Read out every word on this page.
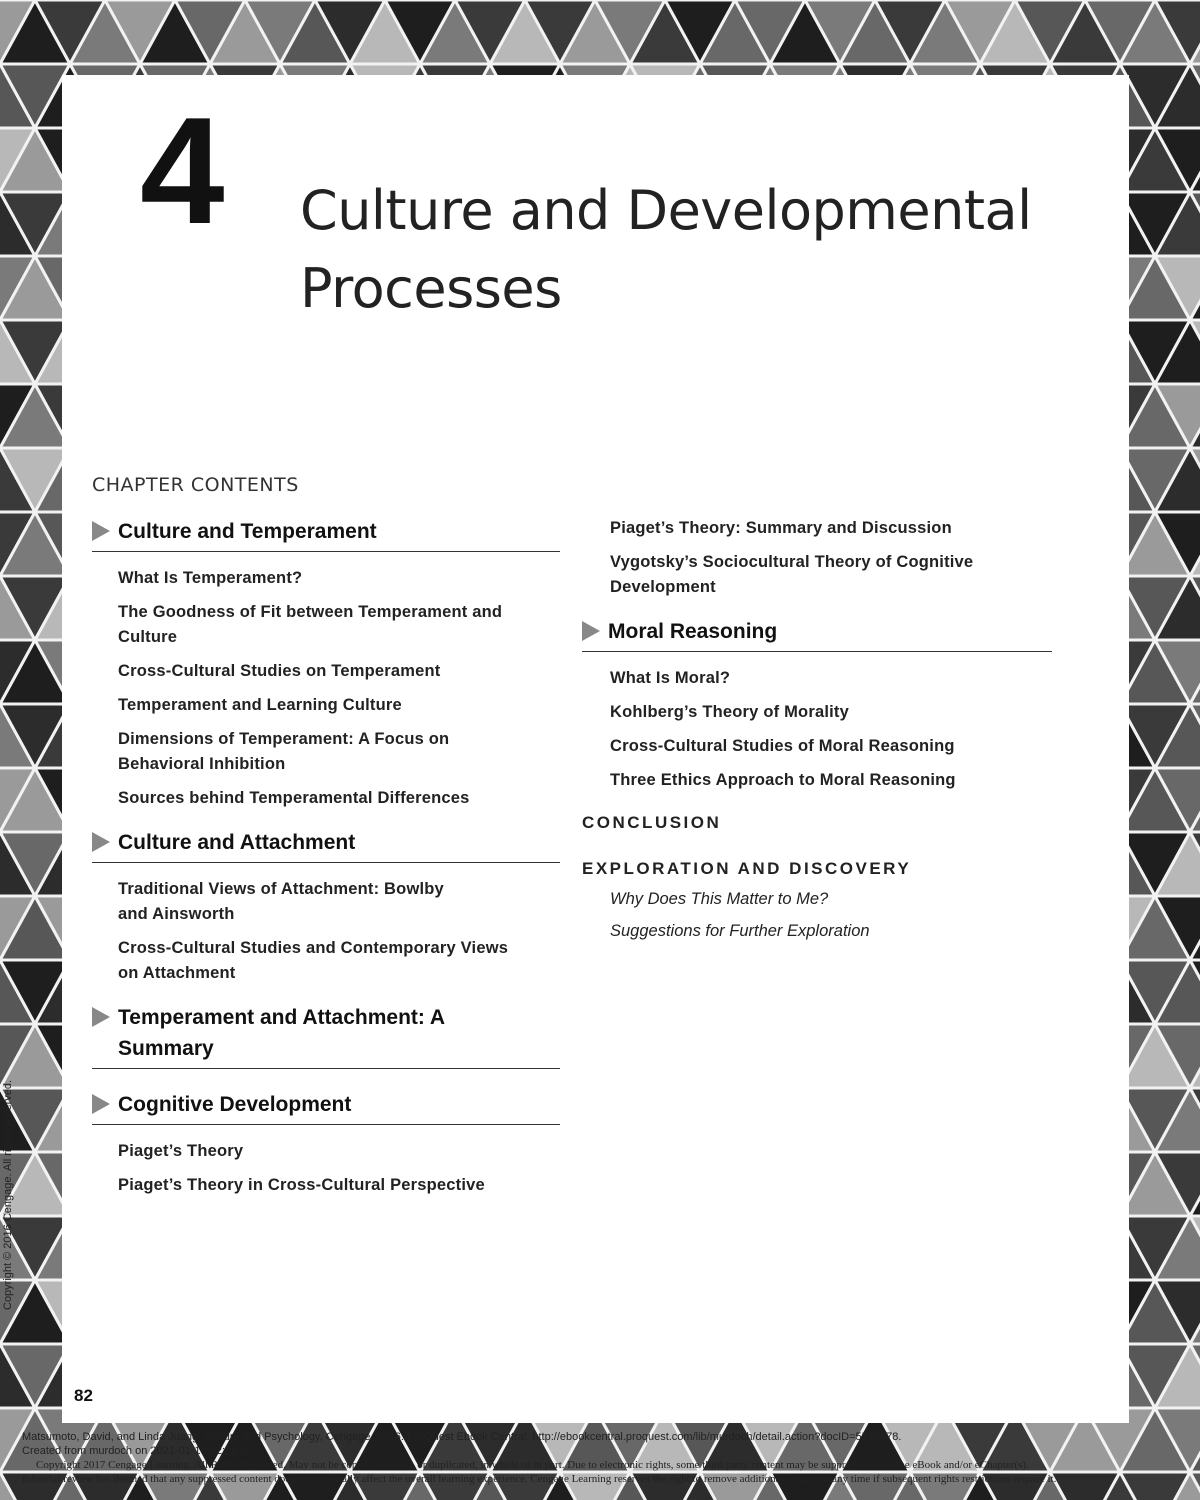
4 Culture and Developmental Processes
CHAPTER CONTENTS
Culture and Temperament
What Is Temperament?
The Goodness of Fit between Temperament and Culture
Cross-Cultural Studies on Temperament
Temperament and Learning Culture
Dimensions of Temperament: A Focus on Behavioral Inhibition
Sources behind Temperamental Differences
Culture and Attachment
Traditional Views of Attachment: Bowlby and Ainsworth
Cross-Cultural Studies and Contemporary Views on Attachment
Temperament and Attachment: A Summary
Cognitive Development
Piaget’s Theory
Piaget’s Theory in Cross-Cultural Perspective
Piaget’s Theory: Summary and Discussion
Vygotsky’s Sociocultural Theory of Cognitive Development
Moral Reasoning
What Is Moral?
Kohlberg’s Theory of Morality
Cross-Cultural Studies of Moral Reasoning
Three Ethics Approach to Moral Reasoning
CONCLUSION
EXPLORATION AND DISCOVERY
Why Does This Matter to Me?
Suggestions for Further Exploration
82
Copyright © 2016 Cengage. All rights reserved.
Matsumoto, David, and Linda Juang. Culture and Psychology, Cengage, 2016. ProQuest Ebook Central, http://ebookcentral.proquest.com/lib/murdoch/detail.action?docID=5516478.
Created from murdoch on 2021-01-19 02:15:34.
Copyright 2017 Cengage Learning. All Rights Reserved. May not be copied, scanned, or duplicated, in whole or in part. Due to electronic rights, some third party content may be suppressed from the eBook and/or eChapter(s).
Editorial review has deemed that any suppressed content does not materially affect the overall learning experience. Cengage Learning reserves the right to remove additional content at any time if subsequent rights restrictions require it.
